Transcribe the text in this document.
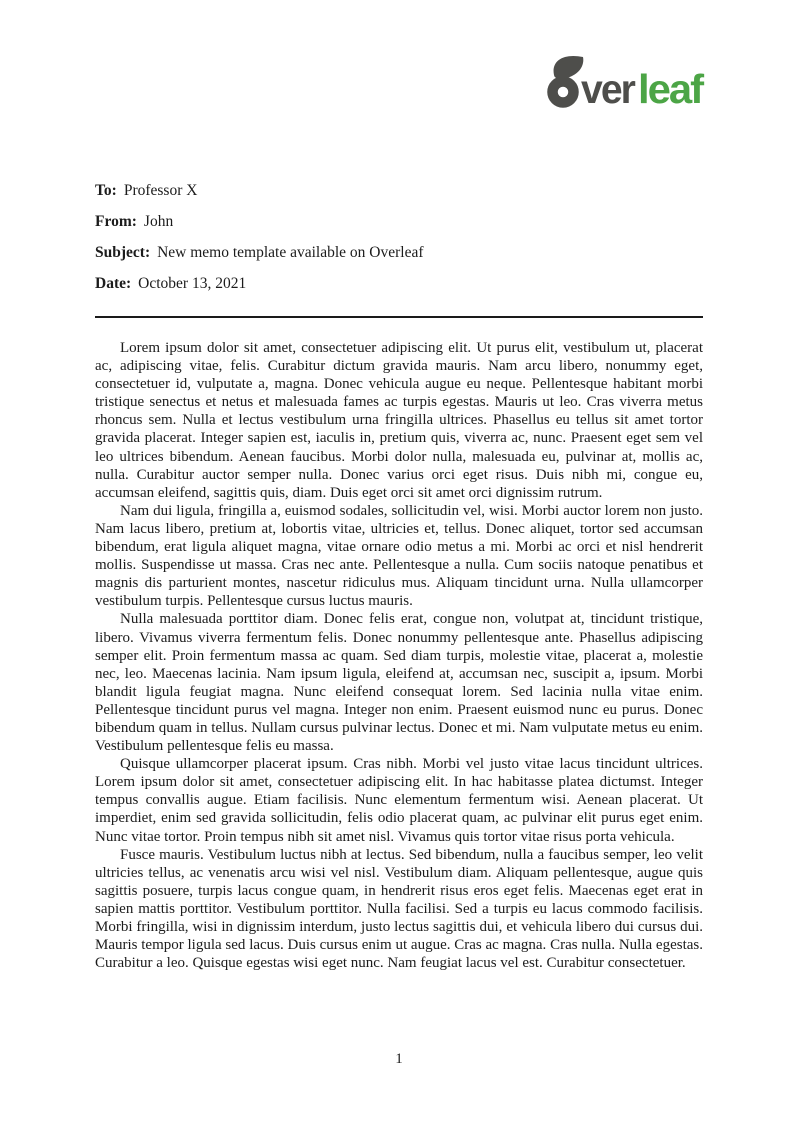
ver leaf
To: Professor X
From: John
Subject: New memo template available on Overleaf
Date: October 13, 2021

Lorem ipsum dolor sit amet, consectetuer adipiscing elit. Ut purus elit, vestibulum ut, placerat ac, adipiscing vitae, felis. Curabitur dictum gravida mauris. Nam arcu libero, nonummy eget, consectetuer id, vulputate a, magna. Donec vehicula augue eu neque. Pellentesque habitant morbi tristique senectus et netus et malesuada fames ac turpis egestas. Mauris ut leo. Cras viverra metus rhoncus sem. Nulla et lectus vestibulum urna fringilla ultrices. Phasellus eu tellus sit amet tortor gravida placerat. Integer sapien est, iaculis in, pretium quis, viverra ac, nunc. Praesent eget sem vel leo ultrices bibendum. Aenean faucibus. Morbi dolor nulla, malesuada eu, pulvinar at, mollis ac, nulla. Curabitur auctor semper nulla. Donec varius orci eget risus. Duis nibh mi, congue eu, accumsan eleifend, sagittis quis, diam. Duis eget orci sit amet orci dignissim rutrum.

Nam dui ligula, fringilla a, euismod sodales, sollicitudin vel, wisi. Morbi auctor lorem non justo. Nam lacus libero, pretium at, lobortis vitae, ultricies et, tellus. Donec aliquet, tortor sed accumsan bibendum, erat ligula aliquet magna, vitae ornare odio metus a mi. Morbi ac orci et nisl hendrerit mollis. Suspendisse ut massa. Cras nec ante. Pellentesque a nulla. Cum sociis natoque penatibus et magnis dis parturient montes, nascetur ridiculus mus. Aliquam tincidunt urna. Nulla ullamcorper vestibulum turpis. Pellentesque cursus luctus mauris.

Nulla malesuada porttitor diam. Donec felis erat, congue non, volutpat at, tincidunt tristique, libero. Vivamus viverra fermentum felis. Donec nonummy pellentesque ante. Phasellus adipiscing semper elit. Proin fermentum massa ac quam. Sed diam turpis, molestie vitae, placerat a, molestie nec, leo. Maecenas lacinia. Nam ipsum ligula, eleifend at, accumsan nec, suscipit a, ipsum. Morbi blandit ligula feugiat magna. Nunc eleifend consequat lorem. Sed lacinia nulla vitae enim. Pellentesque tincidunt purus vel magna. Integer non enim. Praesent euismod nunc eu purus. Donec bibendum quam in tellus. Nullam cursus pulvinar lectus. Donec et mi. Nam vulputate metus eu enim. Vestibulum pellentesque felis eu massa.

Quisque ullamcorper placerat ipsum. Cras nibh. Morbi vel justo vitae lacus tincidunt ultrices. Lorem ipsum dolor sit amet, consectetuer adipiscing elit. In hac habitasse platea dictumst. Integer tempus convallis augue. Etiam facilisis. Nunc elementum fermentum wisi. Aenean placerat. Ut imperdiet, enim sed gravida sollicitudin, felis odio placerat quam, ac pulvinar elit purus eget enim. Nunc vitae tortor. Proin tempus nibh sit amet nisl. Vivamus quis tortor vitae risus porta vehicula.

Fusce mauris. Vestibulum luctus nibh at lectus. Sed bibendum, nulla a faucibus semper, leo velit ultricies tellus, ac venenatis arcu wisi vel nisl. Vestibulum diam. Aliquam pellentesque, augue quis sagittis posuere, turpis lacus congue quam, in hendrerit risus eros eget felis. Maecenas eget erat in sapien mattis porttitor. Vestibulum porttitor. Nulla facilisi. Sed a turpis eu lacus commodo facilisis. Morbi fringilla, wisi in dignissim interdum, justo lectus sagittis dui, et vehicula libero dui cursus dui. Mauris tempor ligula sed lacus. Duis cursus enim ut augue. Cras ac magna. Cras nulla. Nulla egestas. Curabitur a leo. Quisque egestas wisi eget nunc. Nam feugiat lacus vel est. Curabitur consectetuer.

1
